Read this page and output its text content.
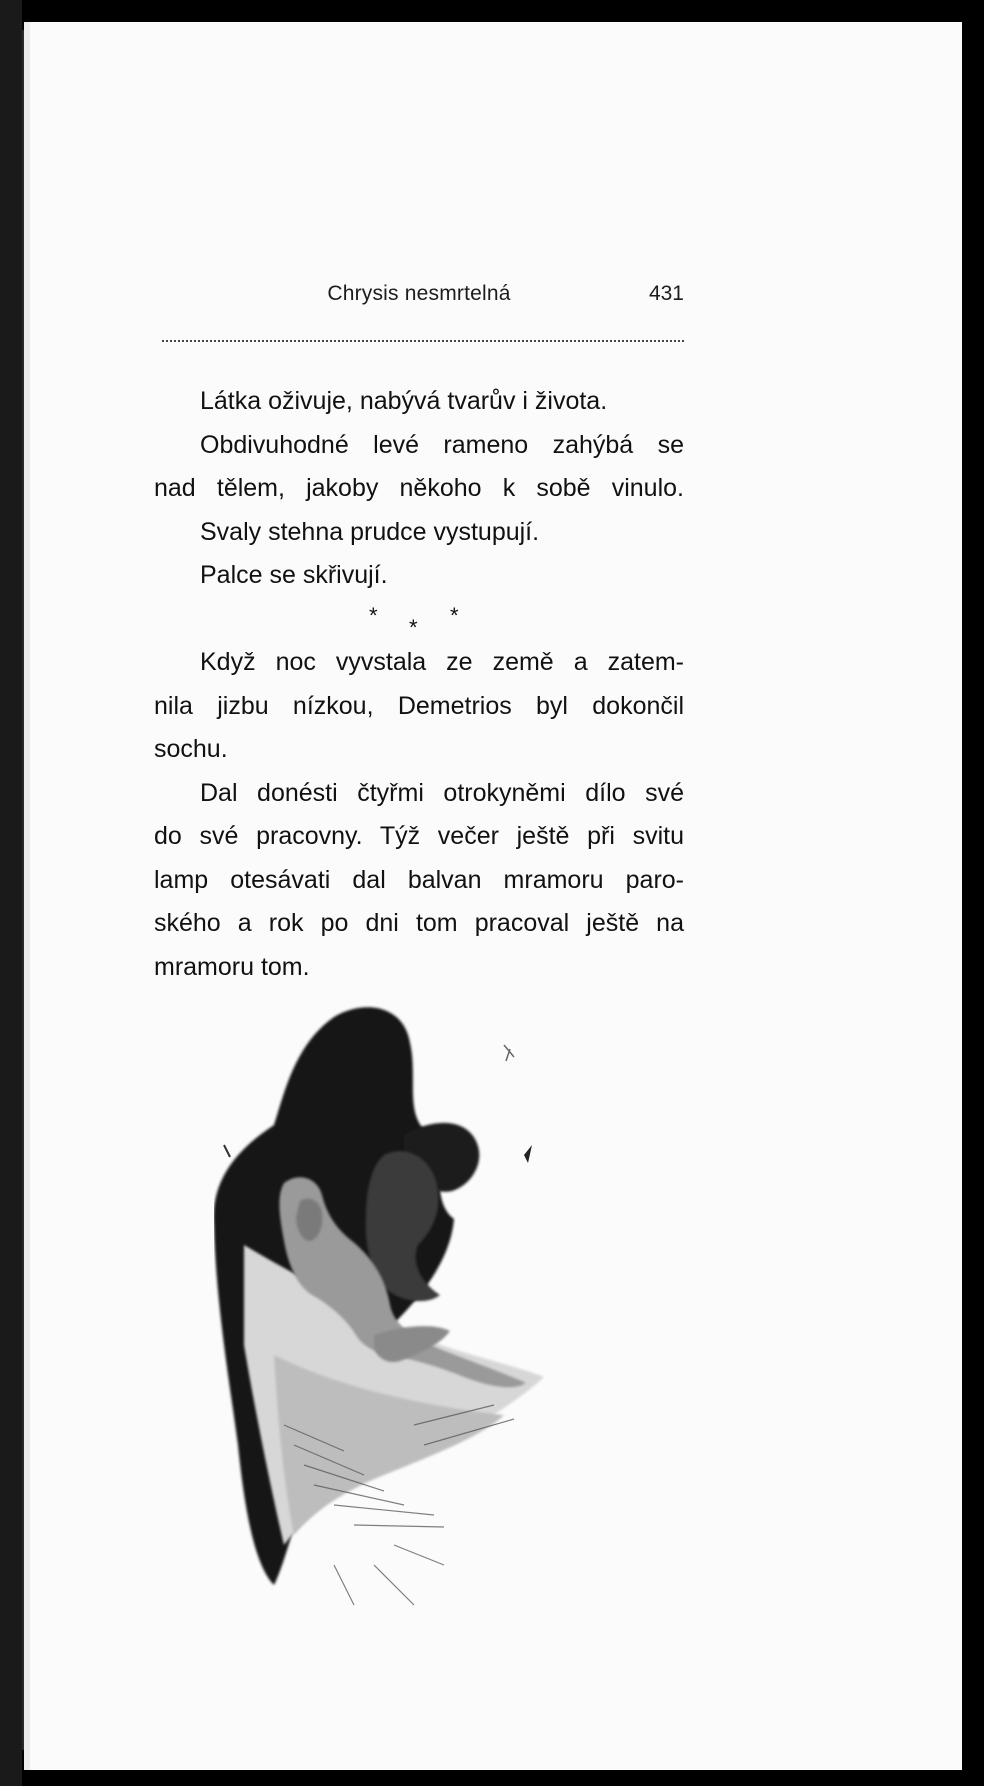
Chrysis nesmrtelná	431
Látka oživuje, nabývá tvarův i života.
Obdivuhodné levé rameno zahýbá se
nad tělem, jakoby někoho k sobě vinulo.
Svaly stehna prudce vystupují.
Palce se skřivují.
* * *
Když noc vyvstala ze země a zatem-
nila jizbu nízkou, Demetrios byl dokončil
sochu.
Dal donésti čtyřmi otrokyněmi dílo své
do své pracovny. Týž večer ještě při svitu
lamp otesávati dal balvan mramoru paro-
ského a rok po dni tom pracoval ještě na
mramoru tom.
